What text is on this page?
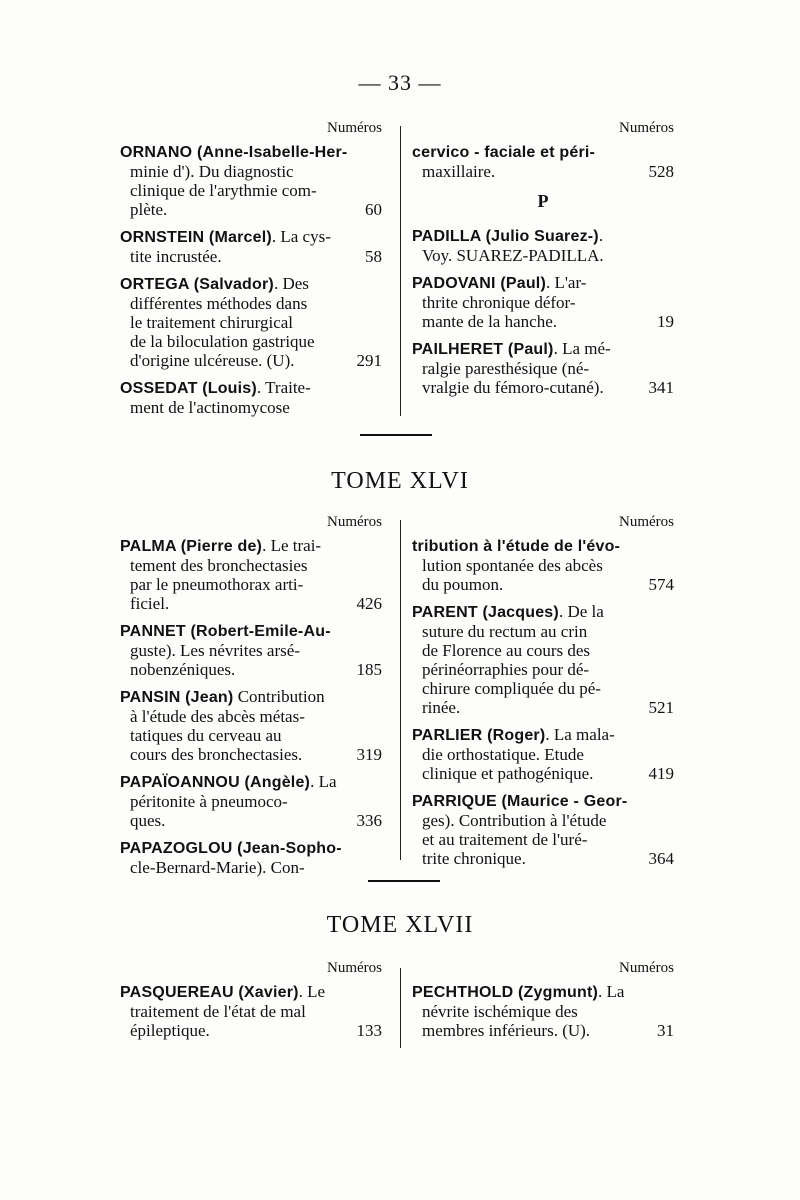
— 33 —
Numéros
ORNANO (Anne-Isabelle-Her-
minie d'). Du diagnostic
clinique de l'arythmie com-
60
plète.
ORNSTEIN (Marcel). La cys-
58
tite incrustée.
ORTEGA (Salvador). Des
différentes méthodes dans
le traitement chirurgical
de la biloculation gastrique
291
d'origine ulcéreuse. (U).
OSSEDAT (Louis). Traite-
ment de l'actinomycose
Numéros
cervico - faciale et péri-
528
maxillaire.
P
PADILLA (Julio Suarez-).
Voy. SUAREZ-PADILLA.
PADOVANI (Paul). L'ar-
thrite chronique défor-
19
mante de la hanche.
PAILHERET (Paul). La mé-
ralgie paresthésique (né-
341
vralgie du fémoro-cutané).
TOME XLVI
Numéros
PALMA (Pierre de). Le trai-
tement des bronchectasies
par le pneumothorax arti-
426
ficiel.
PANNET (Robert-Emile-Au-
guste). Les névrites arsé-
185
nobenzéniques.
PANSIN (Jean) Contribution
à l'étude des abcès métas-
tatiques du cerveau au
319
cours des bronchectasies.
PAPAÏOANNOU (Angèle). La
péritonite à pneumoco-
336
ques.
PAPAZOGLOU (Jean-Sopho-
cle-Bernard-Marie). Con-
Numéros
tribution à l'étude de l'évo-
lution spontanée des abcès
574
du poumon.
PARENT (Jacques). De la
suture du rectum au crin
de Florence au cours des
périnéorraphies pour dé-
chirure compliquée du pé-
521
rinée.
PARLIER (Roger). La mala-
die orthostatique. Etude
419
clinique et pathogénique.
PARRIQUE (Maurice - Geor-
ges). Contribution à l'étude
et au traitement de l'uré-
364
trite chronique.
TOME XLVII
Numéros
PASQUEREAU (Xavier). Le
traitement de l'état de mal
133
épileptique.
Numéros
PECHTHOLD (Zygmunt). La
névrite ischémique des
31
membres inférieurs. (U).
